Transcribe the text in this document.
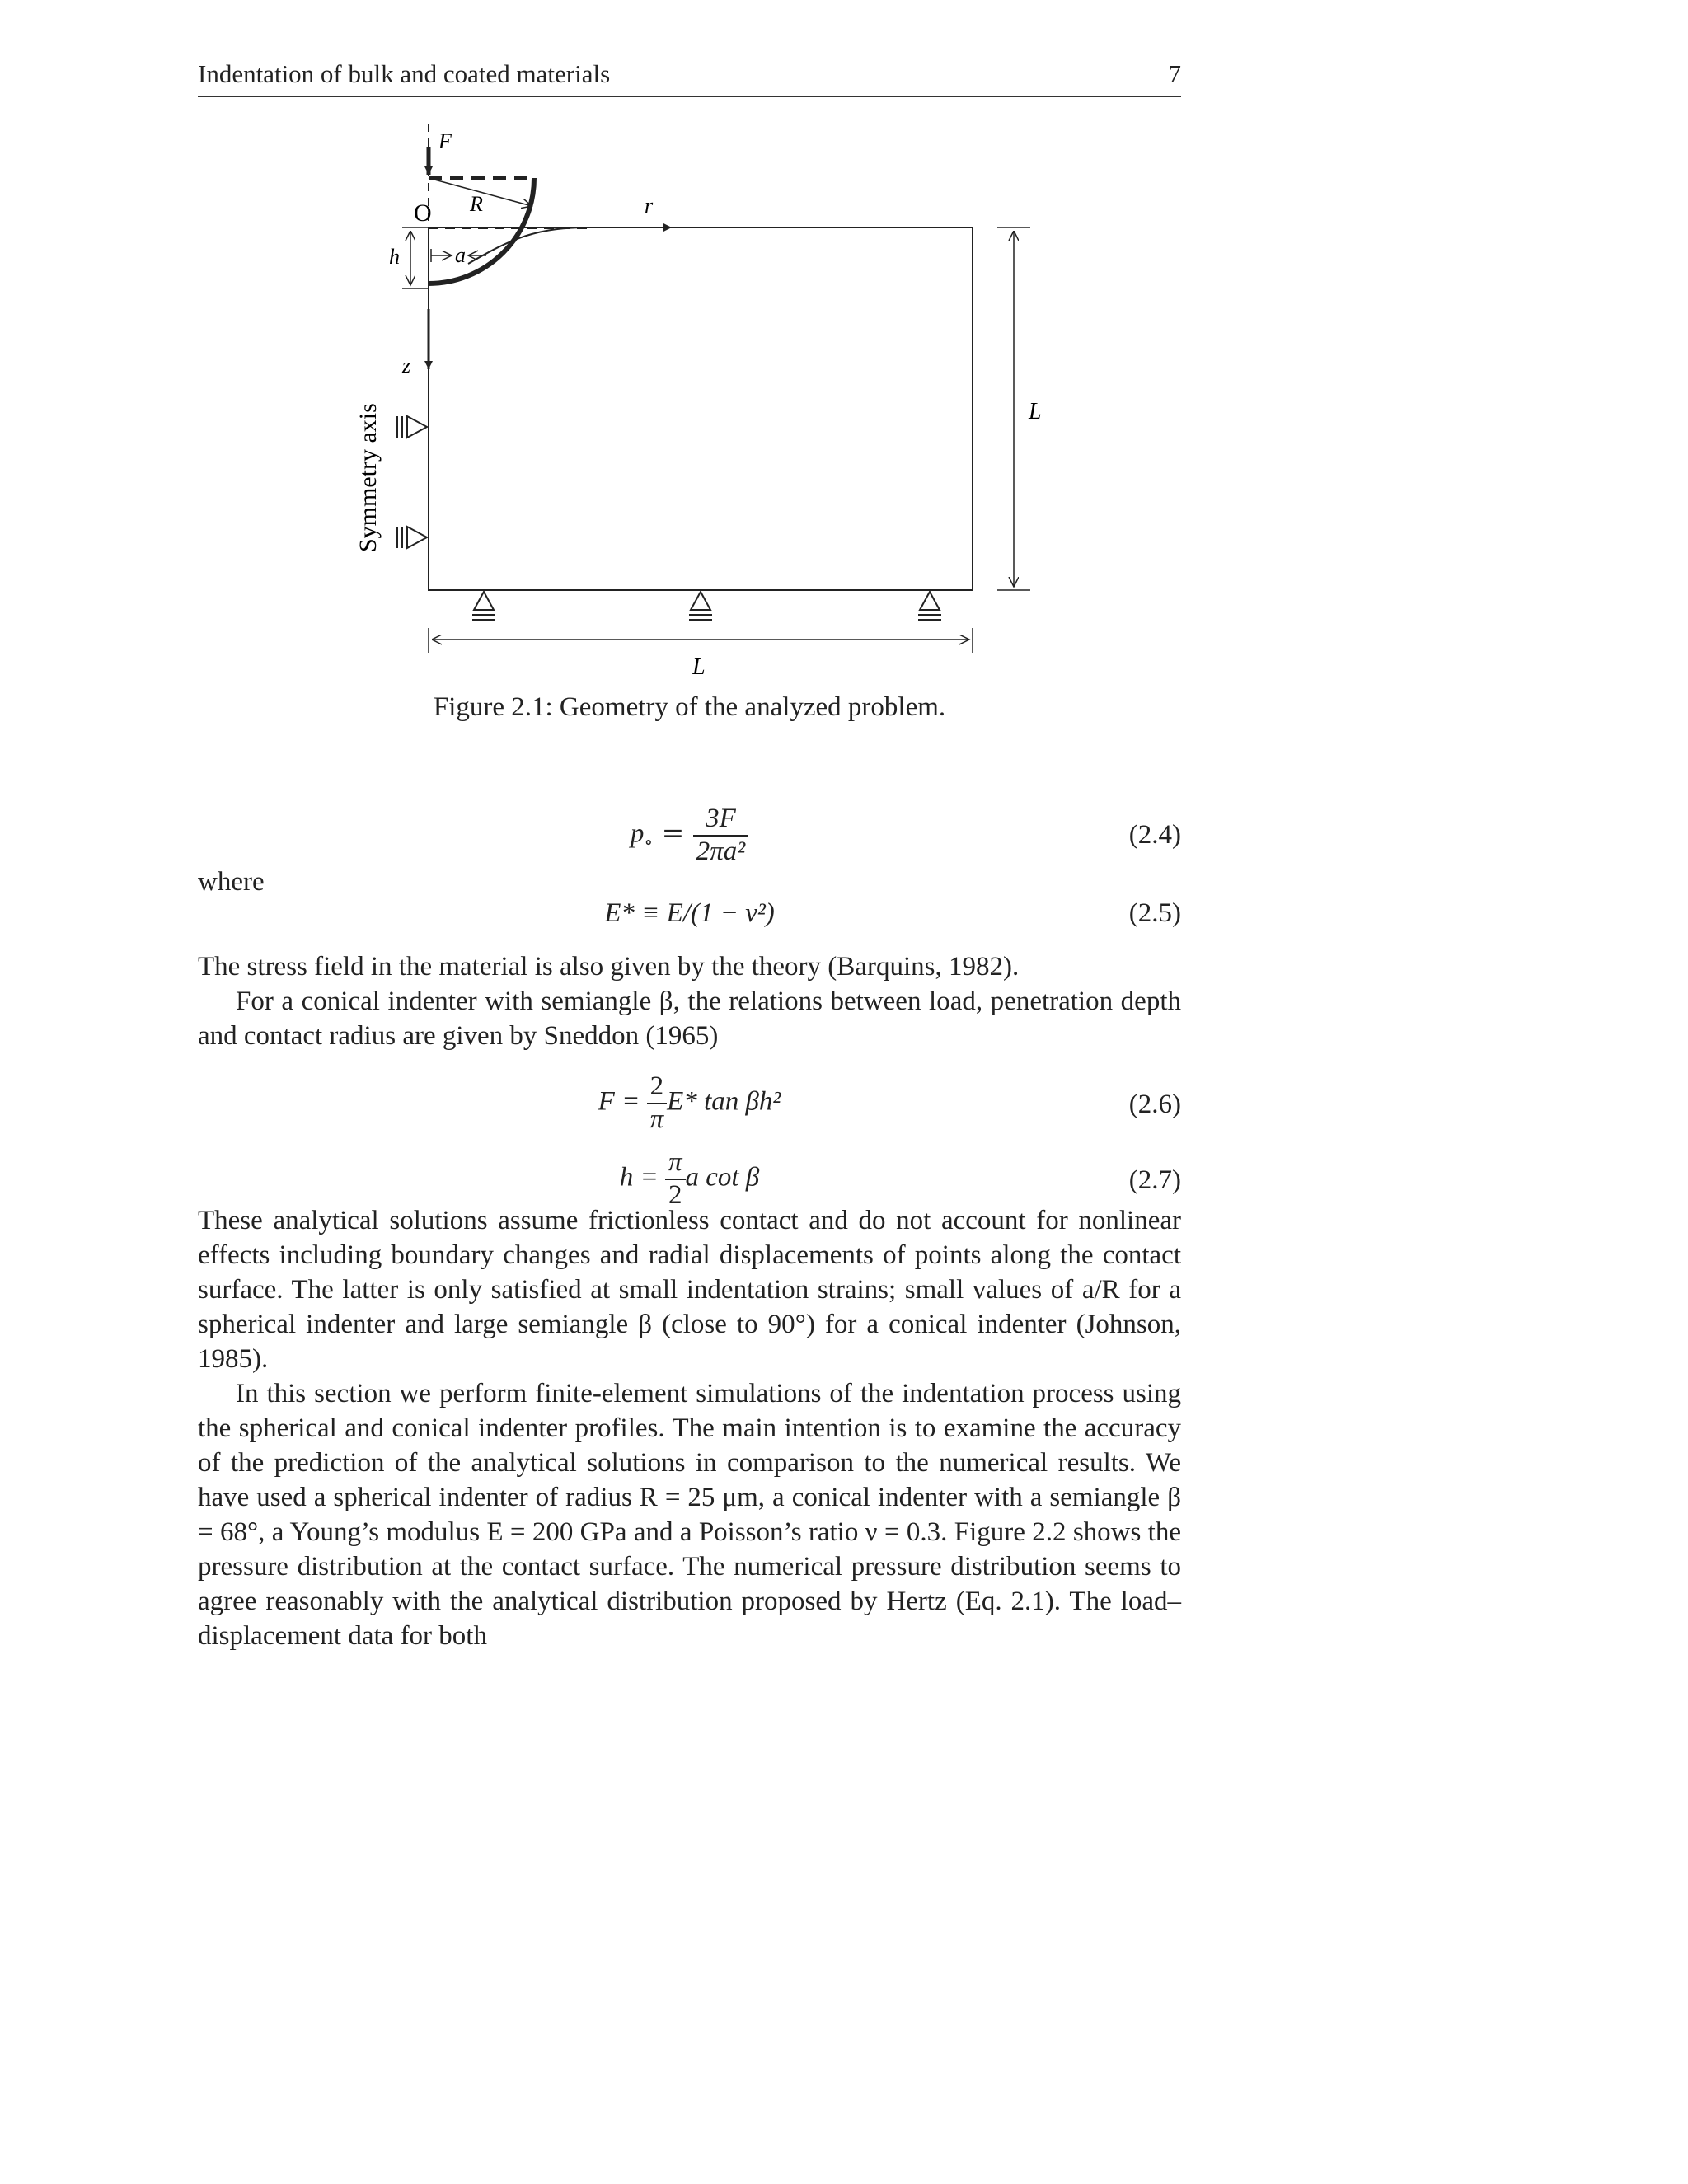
Indentation of bulk and coated materials	7
F
O R	r
h	a
z
L
L
Symmetry axis
Figure 2.1: Geometry of the analyzed problem.
$p_\circ = \frac{3F}{\text{2πa²}}$	(2.4)
where
E* ≡ E/(1 − ν²)	(2.5)

The stress field in the material is also given by the theory (Barquins, 1982).

For a conical indenter with semiangle β, the relations between load, penetration depth and contact radius are given by Sneddon (1965)

$F = \frac{2}{\pi} E*$ tan βh²	(2.6)
$h = \frac{\pi}{2}$ a cot β	(2.7)

These analytical solutions assume frictionless contact and do not account for nonlinear effects including boundary changes and radial displacements of points along the contact surface. The latter is only satisfied at small indentation strains; small values of a/R for a spherical indenter and large semiangle β (close to 90°) for a conical indenter (Johnson, 1985).

In this section we perform finite-element simulations of the indentation process using the spherical and conical indenter profiles. The main intention is to examine the accuracy of the prediction of the analytical solutions in comparison to the numerical results. We have used a spherical indenter of radius R = 25 μm, a conical indenter with a semiangle β = 68°, a Young’s modulus E = 200 GPa and a Poisson’s ratio ν = 0.3. Figure 2.2 shows the pressure distribution at the contact surface. The numerical pressure distribution seems to agree reasonably with the analytical distribution proposed by Hertz (Eq. 2.1). The load–displacement data for both
